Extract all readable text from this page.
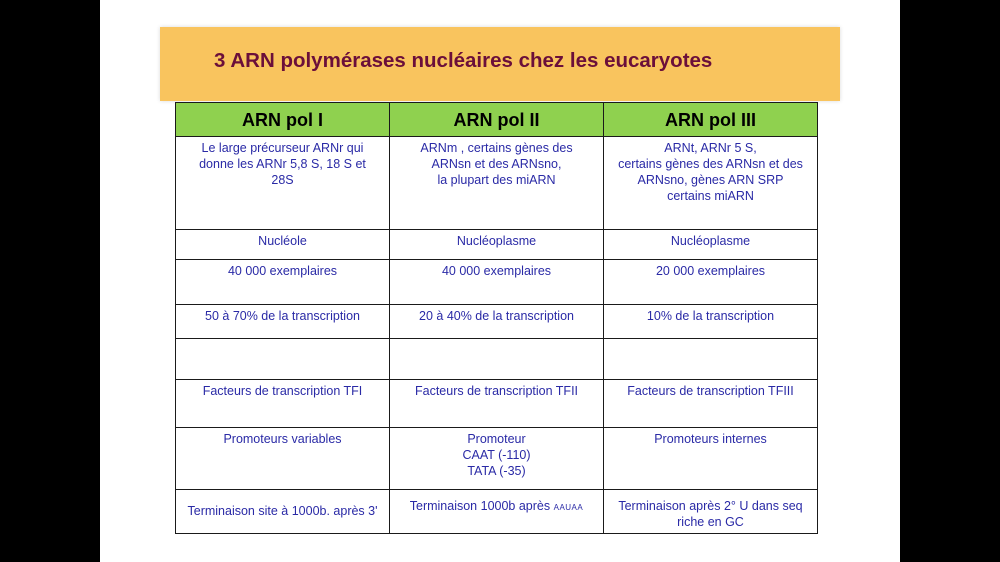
3 ARN polymérases nucléaires chez les eucaryotes
ARN pol I	ARN pol II	ARN pol III

Le large précurseur ARNr qui
donne les ARNr 5,8 S, 18 S et
28S	ARNm , certains gènes des
ARNsn et des ARNsno,
la plupart des miARN	ARNt, ARNr 5 S,
certains gènes des ARNsn et des
ARNsno, gènes ARN SRP
certains miARN

Nucléole	Nucléoplasme	Nucléoplasme
40 000 exemplaires	40 000 exemplaires	20 000 exemplaires
50 à 70% de la transcription	20 à 40% de la transcription	10% de la transcription

Facteurs de transcription TFI	Facteurs de transcription TFII	Facteurs de transcription TFIII
Promoteurs variables	Promoteur
CAAT (-110)
TATA (-35)	Promoteurs internes
Terminaison site à 1000b. après 3'	Terminaison 1000b après AAUAA	Terminaison après 2° U dans seq
riche en GC
